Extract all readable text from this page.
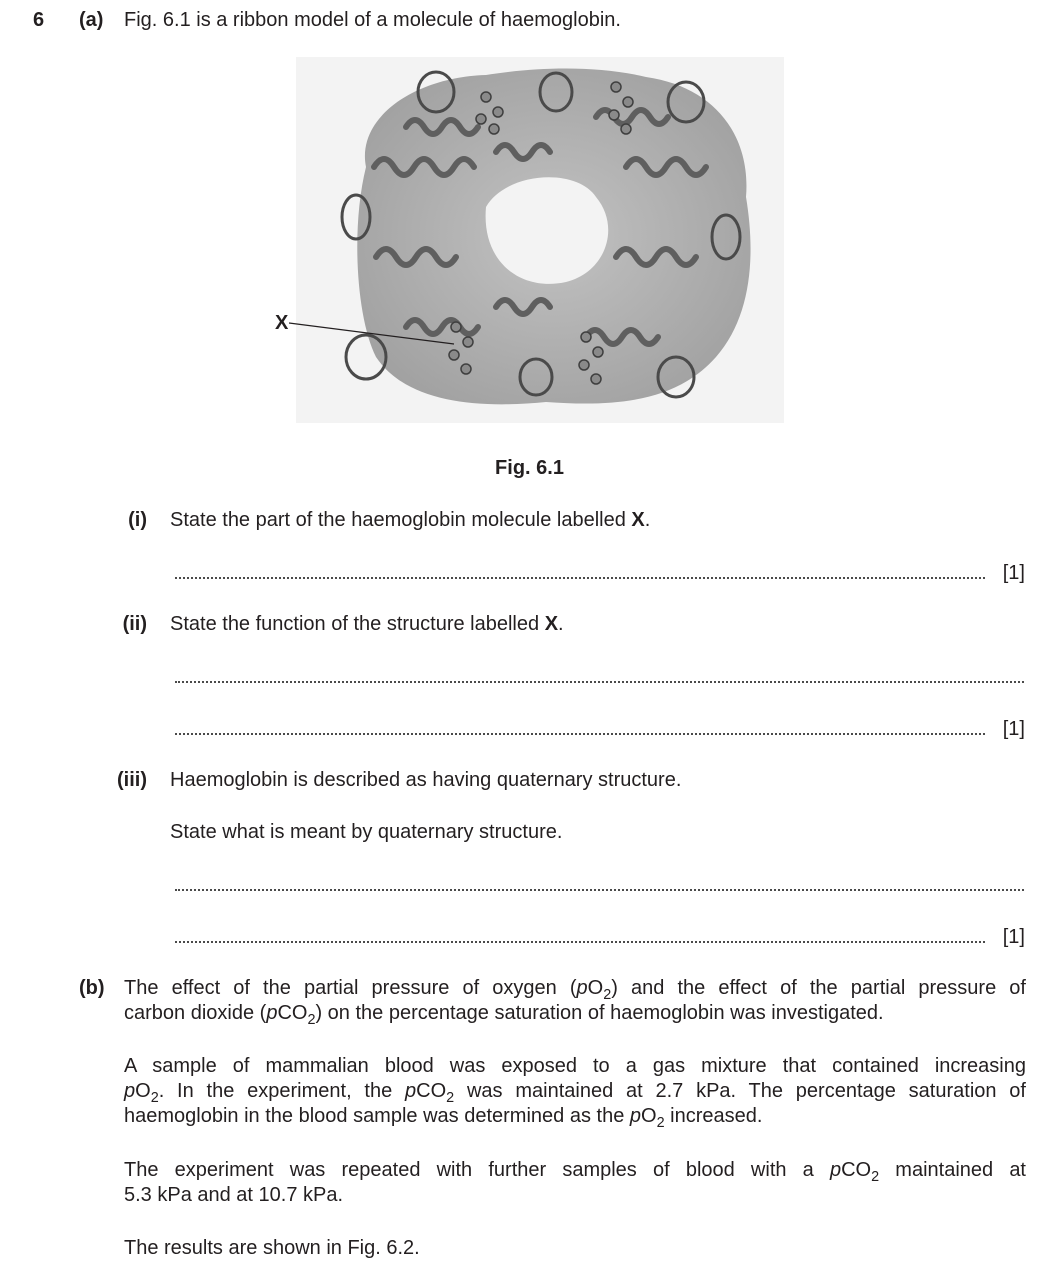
6 (a) Fig. 6.1 is a ribbon model of a molecule of haemoglobin.
X
Fig. 6.1
(i) State the part of the haemoglobin molecule labelled X.
[1]
(ii) State the function of the structure labelled X.
[1]
(iii) Haemoglobin is described as having quaternary structure.
State what is meant by quaternary structure.
[1]
(b) The effect of the partial pressure of oxygen $(pO_2)$ and the effect of the partial pressure of
carbon dioxide (pCO$_2$) on the percentage saturation of haemoglobin was investigated.
A sample of mammalian blood was exposed to a gas mixture that contained increasing
$pO_2$. In the experiment, the pCO$_2$ was maintained at 2.7 kPa. The percentage saturation of
haemoglobin in the blood sample was determined as the $pO_2$ increased.
The experiment was repeated with further samples of blood with a pCO$_2$ maintained at
5.3 kPa and at 10.7 kPa.
The results are shown in Fig. 6.2.
